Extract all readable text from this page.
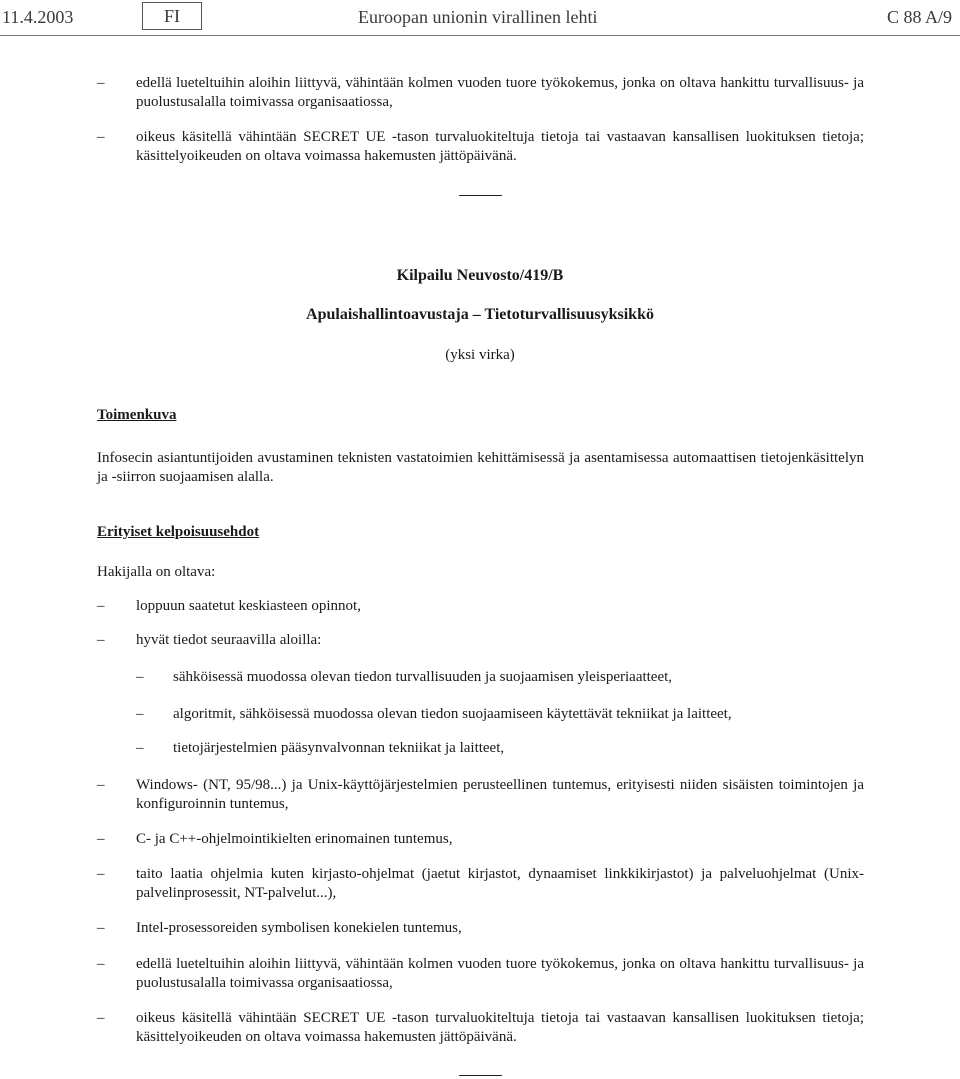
11.4.2003	FI	Euroopan unionin virallinen lehti	C 88 A/9
–	edellä lueteltuihin aloihin liittyvä, vähintään kolmen vuoden tuore työkokemus, jonka on oltava hankittu turvallisuus- ja puolustusalalla toimivassa organisaatiossa,
–	oikeus käsitellä vähintään SECRET UE -tason turvaluokiteltuja tietoja tai vastaavan kansallisen luokituksen tietoja; käsittelyoikeuden on oltava voimassa hakemusten jättöpäivänä.
Kilpailu Neuvosto/419/B
Apulaishallintoavustaja – Tietoturvallisuusyksikkö
(yksi virka)
Toimenkuva
Infosecin asiantuntijoiden avustaminen teknisten vastatoimien kehittämisessä ja asentamisessa automaattisen tietojenkäsittelyn ja -siirron suojaamisen alalla.
Erityiset kelpoisuusehdot
Hakijalla on oltava:
–	loppuun saatetut keskiasteen opinnot,
–	hyvät tiedot seuraavilla aloilla:
–	sähköisessä muodossa olevan tiedon turvallisuuden ja suojaamisen yleisperiaatteet,
–	algoritmit, sähköisessä muodossa olevan tiedon suojaamiseen käytettävät tekniikat ja laitteet,
–	tietojärjestelmien pääsynvalvonnan tekniikat ja laitteet,
–	Windows- (NT, 95/98...) ja Unix-käyttöjärjestelmien perusteellinen tuntemus, erityisesti niiden sisäisten toimintojen ja konfiguroinnin tuntemus,
–	C- ja C++-ohjelmointikielten erinomainen tuntemus,
–	taito laatia ohjelmia kuten kirjasto-ohjelmat (jaetut kirjastot, dynaamiset linkkikirjastot) ja palveluohjelmat (Unix-palvelinprosessit, NT-palvelut...),
–	Intel-prosessoreiden symbolisen konekielen tuntemus,
–	edellä lueteltuihin aloihin liittyvä, vähintään kolmen vuoden tuore työkokemus, jonka on oltava hankittu turvallisuus- ja puolustusalalla toimivassa organisaatiossa,
–	oikeus käsitellä vähintään SECRET UE -tason turvaluokiteltuja tietoja tai vastaavan kansallisen luokituksen tietoja; käsittelyoikeuden on oltava voimassa hakemusten jättöpäivänä.
